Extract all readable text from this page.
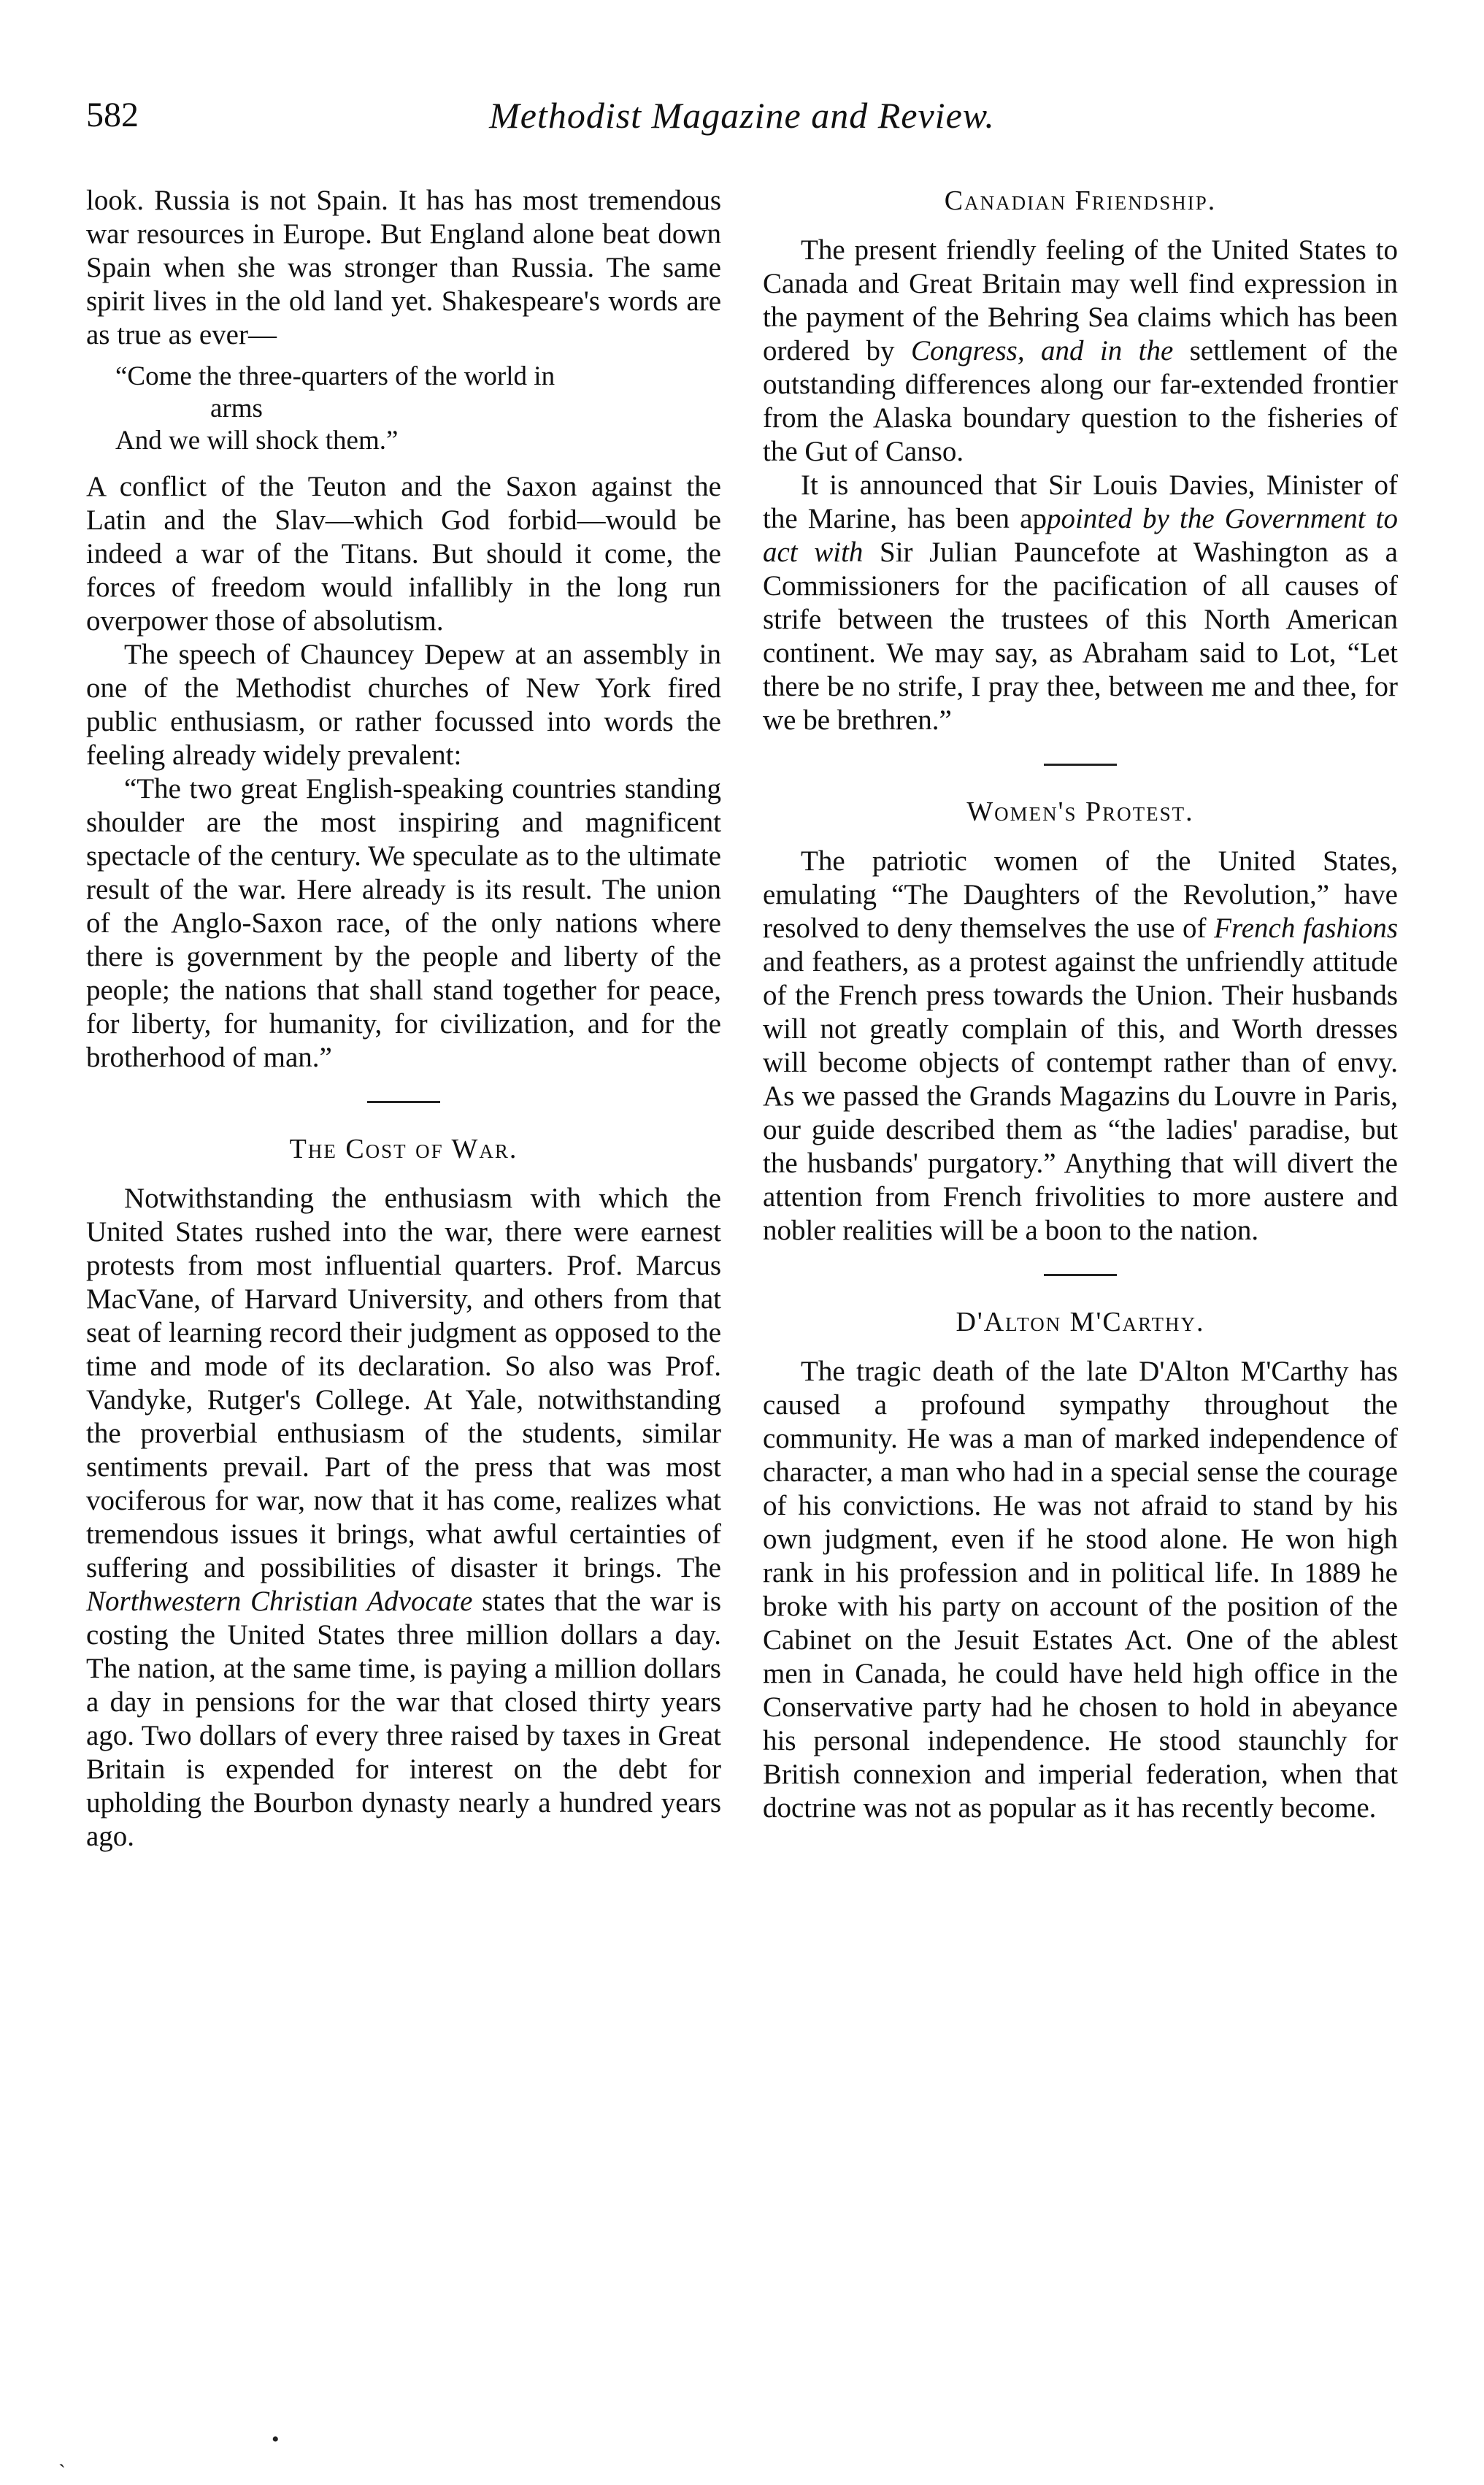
582	Methodist Magazine and Review.

look. Russia is not Spain. It has has most tremendous war resources in Europe. But England alone beat down Spain when she was stronger than Russia. The same spirit lives in the old land yet. Shakespeare's words are as true as ever—

“Come the three-quarters of the world in
arms
And we will shock them.”

A conflict of the Teuton and the Saxon against the Latin and the Slav—which God forbid—would be indeed a war of the Titans. But should it come, the forces of freedom would infallibly in the long run overpower those of absolutism.

The speech of Chauncey Depew at an assembly in one of the Methodist churches of New York fired public enthusiasm, or rather focussed into words the feeling already widely prevalent:

“The two great English-speaking countries standing shoulder are the most inspiring and magnificent spectacle of the century. We speculate as to the ultimate result of the war. Here already is its result. The union of the Anglo-Saxon race, of the only nations where there is government by the people and liberty of the people; the nations that shall stand together for peace, for liberty, for humanity, for civilization, and for the brotherhood of man.”

The Cost of War.

Notwithstanding the enthusiasm with which the United States rushed into the war, there were earnest protests from most influential quarters. Prof. Marcus MacVane, of Harvard University, and others from that seat of learning record their judgment as opposed to the time and mode of its declaration. So also was Prof. Vandyke, Rutger's College. At Yale, notwithstanding the proverbial enthusiasm of the students, similar sentiments prevail. Part of the press that was most vociferous for war, now that it has come, realizes what tremendous issues it brings, what awful certainties of suffering and possibilities of disaster it brings. The Northwestern Christian Advocate states that the war is costing the United States three million dollars a day. The nation, at the same time, is paying a million dollars a day in pensions for the war that closed thirty years ago. Two dollars of every three raised by taxes in Great Britain is expended for interest on the debt for upholding the Bourbon dynasty nearly a hundred years ago.

Canadian Friendship.

The present friendly feeling of the United States to Canada and Great Britain may well find expression in the payment of the Behring Sea claims which has been ordered by Congress, and in the settlement of the outstanding differences along our far-extended frontier from the Alaska boundary question to the fisheries of the Gut of Canso.

It is announced that Sir Louis Davies, Minister of the Marine, has been appointed by the Government to act with Sir Julian Pauncefote at Washington as a Commissioners for the pacification of all causes of strife between the trustees of this North American continent. We may say, as Abraham said to Lot, “Let there be no strife, I pray thee, between me and thee, for we be brethren.”

Women's Protest.

The patriotic women of the United States, emulating “The Daughters of the Revolution,” have resolved to deny themselves the use of French fashions and feathers, as a protest against the unfriendly attitude of the French press towards the Union. Their husbands will not greatly complain of this, and Worth dresses will become objects of contempt rather than of envy. As we passed the Grands Magazins du Louvre in Paris, our guide described them as “the ladies' paradise, but the husbands' purgatory.” Anything that will divert the attention from French frivolities to more austere and nobler realities will be a boon to the nation.

D'Alton M'Carthy.

The tragic death of the late D'Alton M'Carthy has caused a profound sympathy throughout the community. He was a man of marked independence of character, a man who had in a special sense the courage of his convictions. He was not afraid to stand by his own judgment, even if he stood alone. He won high rank in his profession and in political life. In 1889 he broke with his party on account of the position of the Cabinet on the Jesuit Estates Act. One of the ablest men in Canada, he could have held high office in the Conservative party had he chosen to hold in abeyance his personal independence. He stood staunchly for British connexion and imperial federation, when that doctrine was not as popular as it has recently become.

•
`
